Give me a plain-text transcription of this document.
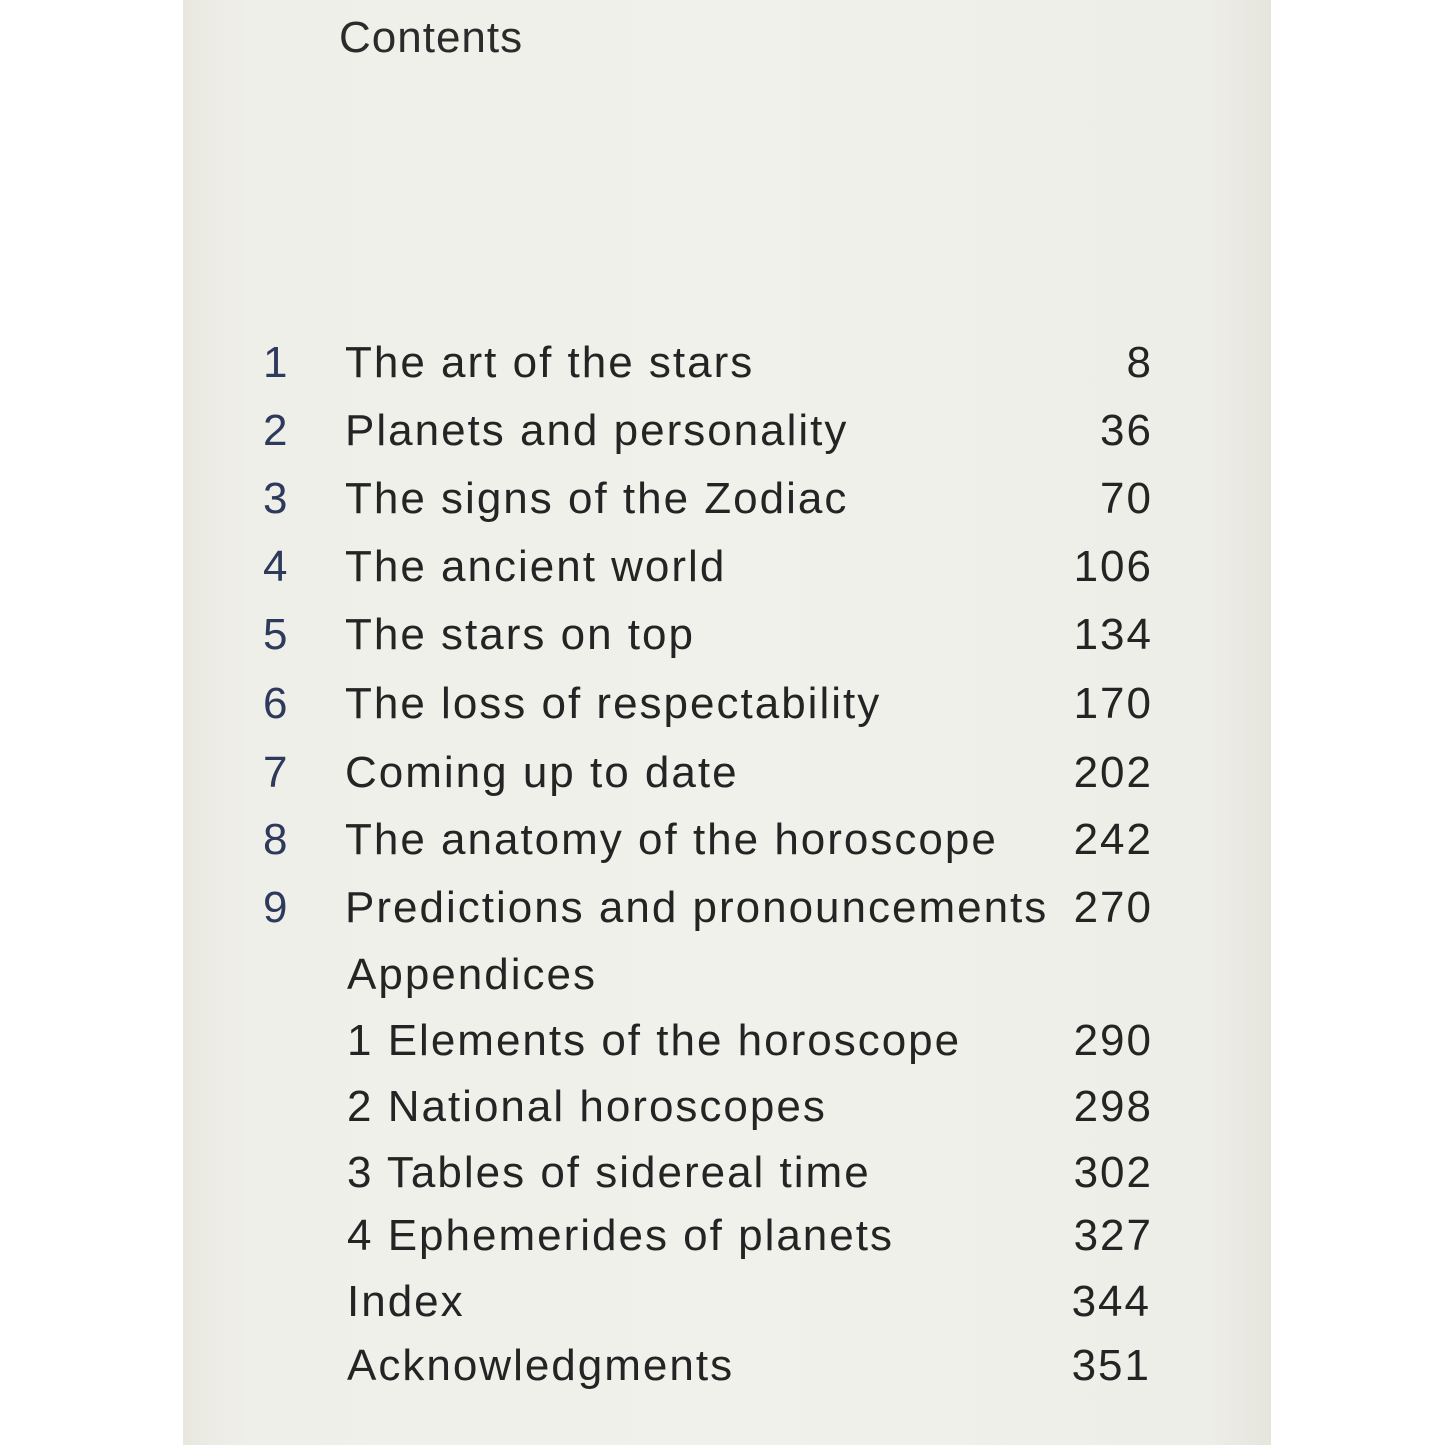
Contents
1	The art of the stars	8
2	Planets and personality	36
3	The signs of the Zodiac	70
4	The ancient world	106
5	The stars on top	134
6	The loss of respectability	170
7	Coming up to date	202
8	The anatomy of the horoscope 242
9	Predictions and pronouncements 270
Appendices
1 Elements of the horoscope	290
2 National horoscopes	298
3 Tables of sidereal time	302
4 Ephemerides of planets	327
Index	344
Acknowledgments	351
